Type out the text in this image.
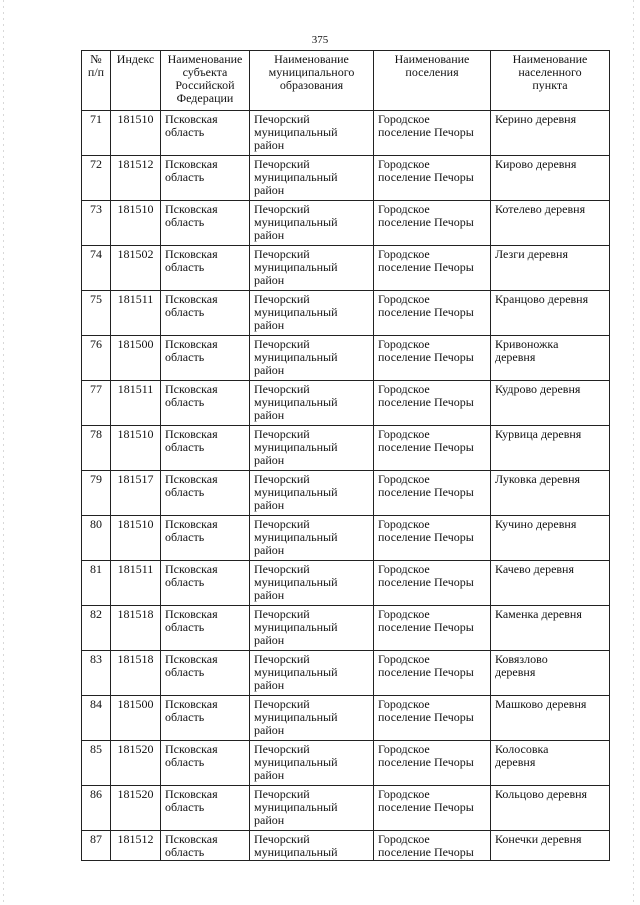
375
№
п/п	Индекс	Наименование
субъекта
Российской
Федерации	Наименование
муниципального
образования	Наименование
поселения	Наименование
населенного
пункта
71	181510	Псковская
область	Печорский
муниципальный
район	Городское
поселение Печоры	Керино деревня
72	181512	Псковская
область	Печорский
муниципальный
район	Городское
поселение Печоры	Кирово деревня
73	181510	Псковская
область	Печорский
муниципальный
район	Городское
поселение Печоры	Котелево деревня
74	181502	Псковская
область	Печорский
муниципальный
район	Городское
поселение Печоры	Лезги деревня
75	181511	Псковская
область	Печорский
муниципальный
район	Городское
поселение Печоры	Кранцово деревня
76	181500	Псковская
область	Печорский
муниципальный
район	Городское
поселение Печоры	Кривоножка
деревня
77	181511	Псковская
область	Печорский
муниципальный
район	Городское
поселение Печоры	Кудрово деревня
78	181510	Псковская
область	Печорский
муниципальный
район	Городское
поселение Печоры	Курвица деревня
79	181517	Псковская
область	Печорский
муниципальный
район	Городское
поселение Печоры	Луковка деревня
80	181510	Псковская
область	Печорский
муниципальный
район	Городское
поселение Печоры	Кучино деревня
81	181511	Псковская
область	Печорский
муниципальный
район	Городское
поселение Печоры	Качево деревня
82	181518	Псковская
область	Печорский
муниципальный
район	Городское
поселение Печоры	Каменка деревня
83	181518	Псковская
область	Печорский
муниципальный
район	Городское
поселение Печоры	Ковязлово
деревня
84	181500	Псковская
область	Печорский
муниципальный
район	Городское
поселение Печоры	Машково деревня
85	181520	Псковская
область	Печорский
муниципальный
район	Городское
поселение Печоры	Колосовка
деревня
86	181520	Псковская
область	Печорский
муниципальный
район	Городское
поселение Печоры	Кольцово деревня
87	181512	Псковская
область	Печорский
муниципальный	Городское
поселение Печоры	Конечки деревня
